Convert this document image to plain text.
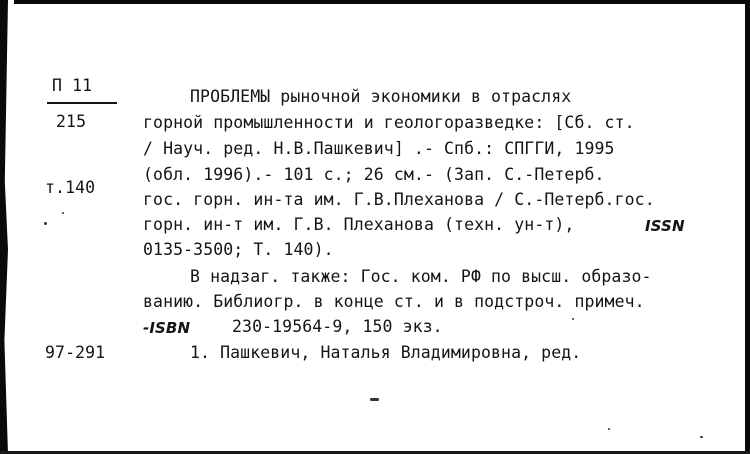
П 11
215
т.140
97-291
ПРОБЛЕМЫ рыночной экономики в отраслях
горной промышленности и геологоразведке: [Сб. ст.
/ Науч. ред. Н.В.Пашкевич] .- Спб.: СПГГИ, 1995
(обл. 1996).- 101 с.; 26 см.- (Зап. С.-Петерб.
гос. горн. ин-та им. Г.В.Плеханова / С.-Петерб.гос.
горн. ин-т им. Г.В. Плеханова (техн. ун-т),	ISSN
0135-3500; Т. 140).
В надзаг. также: Гос. ком. РФ по высш. образо-
ванию. Библиогр. в конце ст. и в подстроч. примеч.
-ISBN	230-19564-9, 150 экз.
1. Пашкевич, Наталья Владимировна, ред.
